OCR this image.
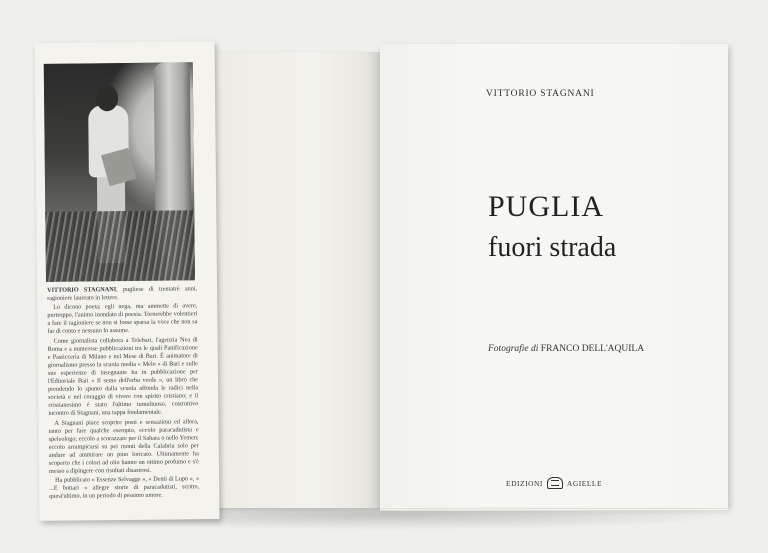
VITTORIO STAGNANI, pugliese di trentatrè anni, ragioniere laureato in lettere.

Lo dicono poeta; egli nega, ma ammette di avere, purtroppo, l'animo inondato di poesia. Tornerebbe volentieri a fare il ragioniere se non si fosse sparsa la voce che non sa far di conto e nessuno lo assume.

Come giornalista collabora a Telebari, l'agenzia Nea di Roma e a numerose pubblicazioni tra le quali Panificazione e Pasticceria di Milano e nel Mese di Bari. È animatore di giornalismo presso la scuola media « Melo » di Bari e sulle sue esperienze di insegnante ha in pubblicazione per l'Editoriale Bari « Il seme dell'erba verde », un libro che prendendo lo spunto dalla scuola affonda le radici nella società e nel coraggio di vivere con spirito cristiano; e il cristianesimo è stato l'ultimo tumultuoso, costruttivo incontro di Stagnani, una tappa fondamentale.

A Stagnani piace scoprire posti e sensazioni ed allora, tanto per fare qualche esempio, eccolo paracadutista e speleologo; eccolo a scorazzare per il Sahara o nello Yemen; eccolo arrampicarsi su pei monti della Calabria solo per andare ad ammirare un pino loricato. Ultimamente ha scoperto che i colori ad olio hanno un ottimo profumo e s'è messo a dipingere con risultati disastrosi.

Ha pubblicato « Essenze Selvagge », « Denti di Lupo », « ...E bottari » allegre storie di paracadutisti, scritto, quest'ultimo, in un periodo di pessimo umore.

VITTORIO STAGNANI
PUGLIA
fuori strada
Fotografie di FRANCO DELL'AQUILA
EDIZIONI	AGIELLE
